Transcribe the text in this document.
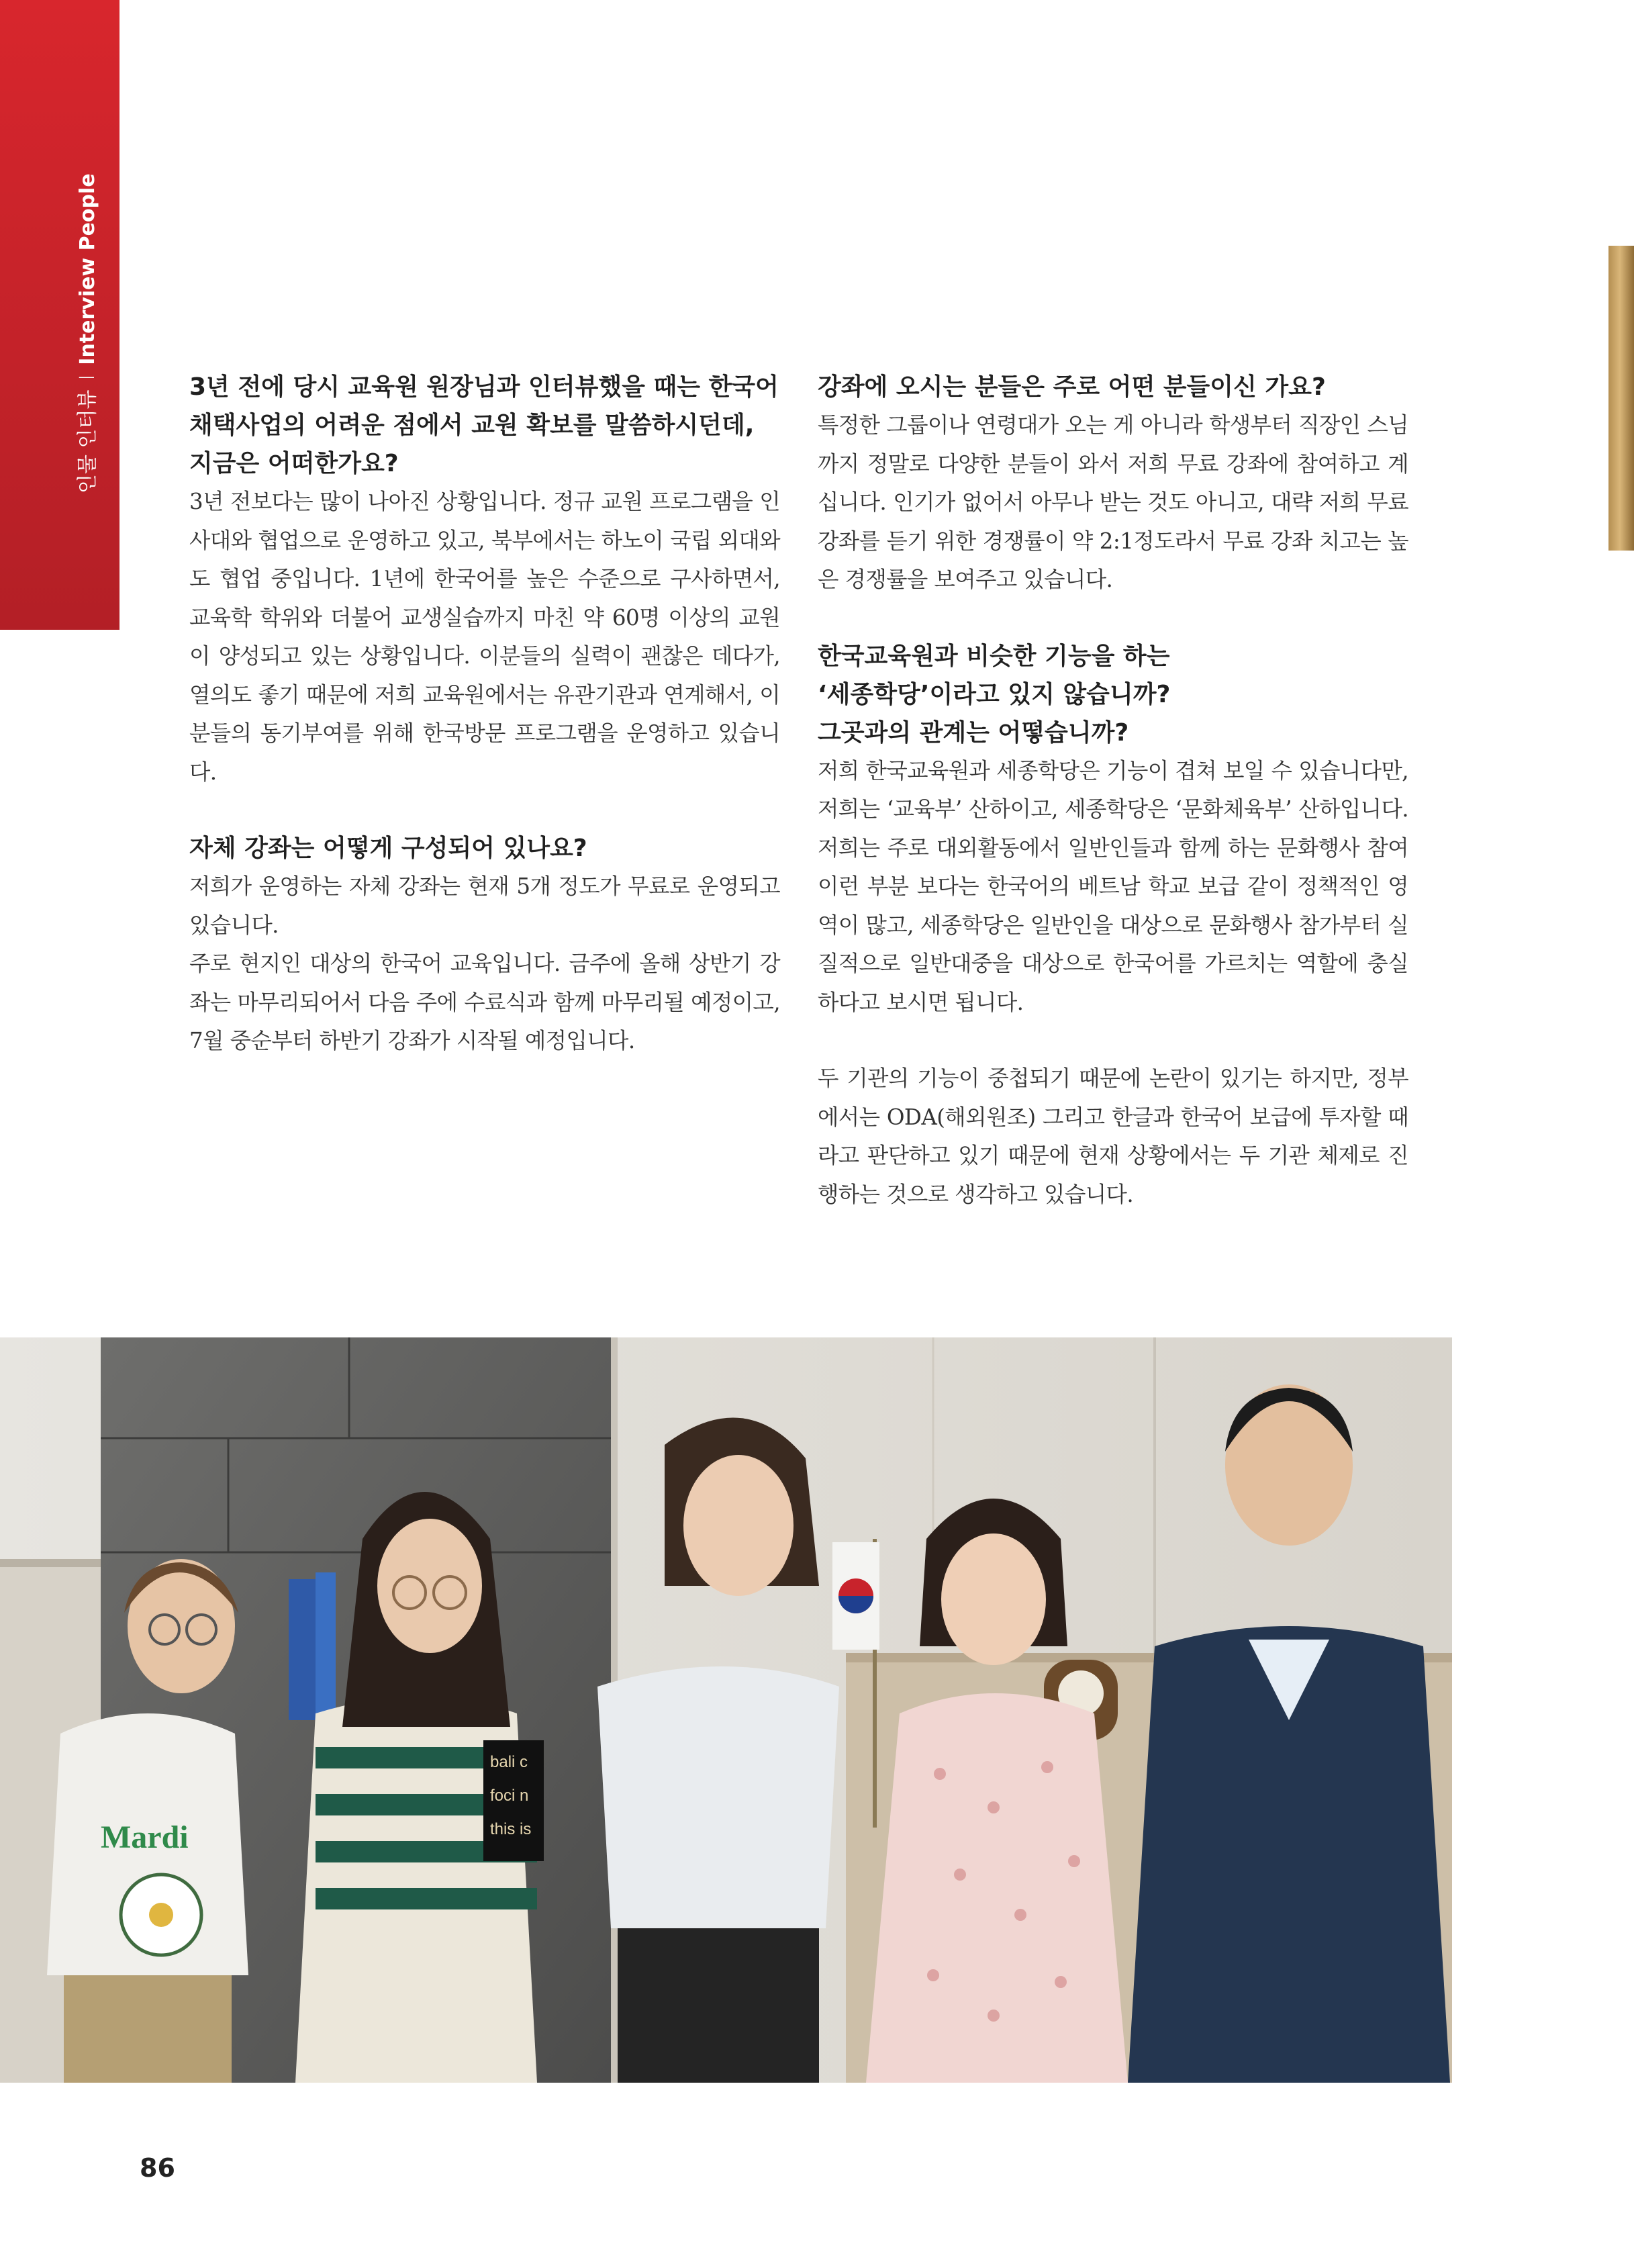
인물 인터뷰IInterview People
3년 전에 당시 교육원 원장님과 인터뷰했을 때는 한국어
채택사업의 어려운 점에서 교원 확보를 말씀하시던데,
지금은 어떠한가요?
3년 전보다는 많이 나아진 상황입니다. 정규 교원 프로그램을 인사대와 협업으로 운영하고 있고, 북부에서는 하노이 국립 외대와도 협업 중입니다. 1년에 한국어를 높은 수준으로 구사하면서, 교육학 학위와 더불어 교생실습까지 마친 약 60명 이상의 교원이 양성되고 있는 상황입니다. 이분들의 실력이 괜찮은 데다가, 열의도 좋기 때문에 저희 교육원에서는 유관기관과 연계해서, 이분들의 동기부여를 위해 한국방문 프로그램을 운영하고 있습니다.
자체 강좌는 어떻게 구성되어 있나요?
저희가 운영하는 자체 강좌는 현재 5개 정도가 무료로 운영되고 있습니다.
주로 현지인 대상의 한국어 교육입니다. 금주에 올해 상반기 강좌는 마무리되어서 다음 주에 수료식과 함께 마무리될 예정이고, 7월 중순부터 하반기 강좌가 시작될 예정입니다.
강좌에 오시는 분들은 주로 어떤 분들이신 가요?
특정한 그룹이나 연령대가 오는 게 아니라 학생부터 직장인 스님까지 정말로 다양한 분들이 와서 저희 무료 강좌에 참여하고 계십니다. 인기가 없어서 아무나 받는 것도 아니고, 대략 저희 무료 강좌를 듣기 위한 경쟁률이 약 2:1정도라서 무료 강좌 치고는 높은 경쟁률을 보여주고 있습니다.
한국교육원과 비슷한 기능을 하는
‘세종학당’이라고 있지 않습니까?
그곳과의 관계는 어떻습니까?
저희 한국교육원과 세종학당은 기능이 겹쳐 보일 수 있습니다만, 저희는 ‘교육부’ 산하이고, 세종학당은 ‘문화체육부’ 산하입니다. 저희는 주로 대외활동에서 일반인들과 함께 하는 문화행사 참여 이런 부분 보다는 한국어의 베트남 학교 보급 같이 정책적인 영역이 많고, 세종학당은 일반인을 대상으로 문화행사 참가부터 실질적으로 일반대중을 대상으로 한국어를 가르치는 역할에 충실하다고 보시면 됩니다.
두 기관의 기능이 중첩되기 때문에 논란이 있기는 하지만, 정부에서는 ODA(해외원조) 그리고 한글과 한국어 보급에 투자할 때라고 판단하고 있기 때문에 현재 상황에서는 두 기관 체제로 진행하는 것으로 생각하고 있습니다.
Mardi
bali c
foci n
this is
86
